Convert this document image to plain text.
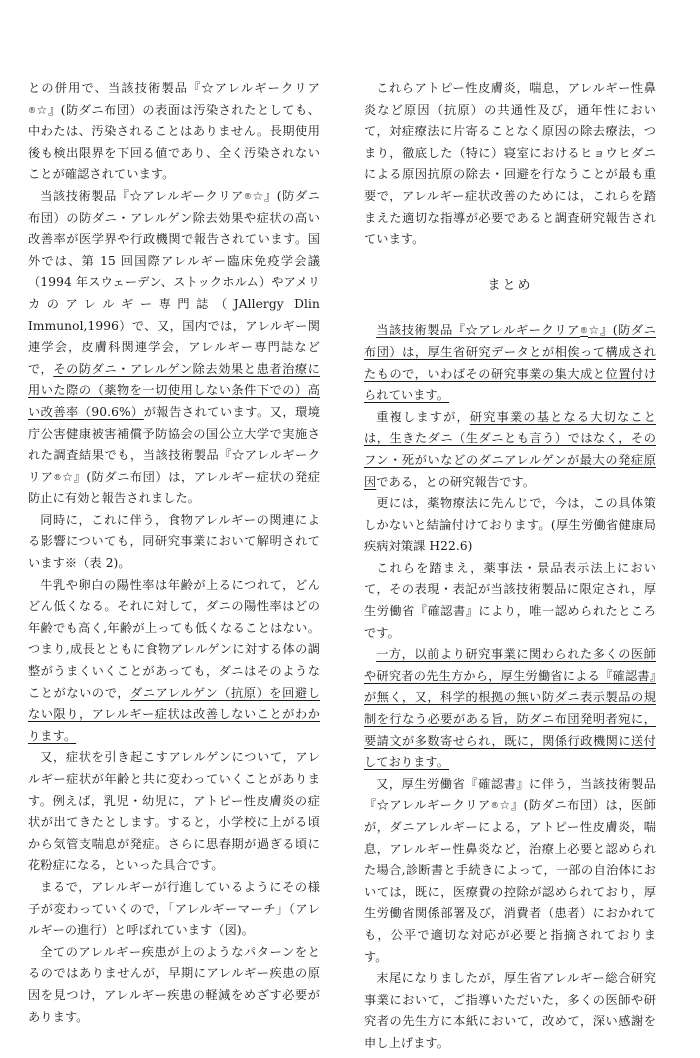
との併用で、当該技術製品『☆アレルギークリア®☆』(防ダニ布団）の表面は汚染されたとしても、中わたは、汚染されることはありません。長期使用後も検出限界を下回る値であり、全く汚染されないことが確認されています。

当該技術製品『☆アレルギークリア®☆』(防ダニ布団）の防ダニ・アレルゲン除去効果や症状の高い改善率が医学界や行政機関で報告されています。国外では、第 15 回国際アレルギー臨床免疫学会議（1994 年スウェーデン、ストックホルム）やアメリカのアレルギー専門誌（JAllergy Dlin Immunol,1996）で、又，国内では，アレルギー関連学会，皮膚科関連学会，アレルギー専門誌などで，その防ダニ・アレルゲン除去効果と患者治療に用いた際の（薬物を一切使用しない条件下での）高い改善率（90.6%）が報告されています。又，環境庁公害健康被害補償予防協会の国公立大学で実施された調査結果でも，当該技術製品『☆アレルギークリア®☆』(防ダニ布団）は，アレルギー症状の発症防止に有効と報告されました。

同時に，これに伴う，食物アレルギーの関連による影響についても，同研究事業において解明されています※（表 2)。

牛乳や卵白の陽性率は年齢が上るにつれて，どんどん低くなる。それに対して，ダニの陽性率はどの年齢でも高く,年齢が上っても低くなることはない。つまり,成長とともに食物アレルゲンに対する体の調整がうまくいくことがあっても，ダニはそのようなことがないので，ダニアレルゲン（抗原）を回避しない限り，アレルギー症状は改善しないことがわかります。

又，症状を引き起こすアレルゲンについて，アレルギー症状が年齢と共に変わっていくことがあります。例えば，乳児・幼児に，アトピー性皮膚炎の症状が出てきたとします。すると，小学校に上がる頃から気管支喘息が発症。さらに思春期が過ぎる頃に花粉症になる，といった具合です。

まるで，アレルギーが行進しているようにその様子が変わっていくので，「アレルギーマーチ」（アレルギーの進行）と呼ばれています（図)。

全てのアレルギー疾患が上のようなパターンをとるのではありませんが，早期にアレルギー疾患の原因を見つけ，アレルギー疾患の軽減をめざす必要があります。

これらアトピー性皮膚炎，喘息，アレルギー性鼻炎など原因（抗原）の共通性及び，通年性において，対症療法に片寄ることなく原因の除去療法，つまり，徹底した（特に）寝室におけるヒョウヒダニによる原因抗原の除去・回避を行なうことが最も重要で，アレルギー症状改善のためには，これらを踏まえた適切な指導が必要であると調査研究報告されています。

まとめ

当該技術製品『☆アレルギークリア®☆』(防ダニ布団）は，厚生省研究データとが相俟って構成されたもので，いわばその研究事業の集大成と位置付けられています。

重複しますが，研究事業の基となる大切なことは，生きたダニ（生ダニとも言う）ではなく，そのフン・死がいなどのダニアレルゲンが最大の発症原因である，との研究報告です。

更には，薬物療法に先んじで，今は，この具体策しかないと結論付けております。(厚生労働省健康局疾病対策課 H22.6)

これらを踏まえ，薬事法・景品表示法上において，その表現・表記が当該技術製品に限定され，厚生労働省『確認書』により，唯一認められたところです。

一方，以前より研究事業に関わられた多くの医師や研究者の先生方から，厚生労働省による『確認書』が無く，又，科学的根拠の無い防ダニ表示製品の規制を行なう必要がある旨，防ダニ布団発明者宛に，要請文が多数寄せられ，既に，関係行政機関に送付しております。

又，厚生労働省『確認書』に伴う，当該技術製品『☆アレルギークリア®☆』(防ダニ布団）は，医師が，ダニアレルギーによる，アトピー性皮膚炎，喘息，アレルギー性鼻炎など，治療上必要と認められた場合,診断書と手続きによって，一部の自治体においては，既に，医療費の控除が認められており，厚生労働省関係部署及び，消費者（患者）におかれても，公平で適切な対応が必要と指摘されております。

末尾になりましたが，厚生省アレルギー総合研究事業において，ご指導いただいた，多くの医師や研究者の先生方に本紙において，改めて，深い感謝を申し上げます。
